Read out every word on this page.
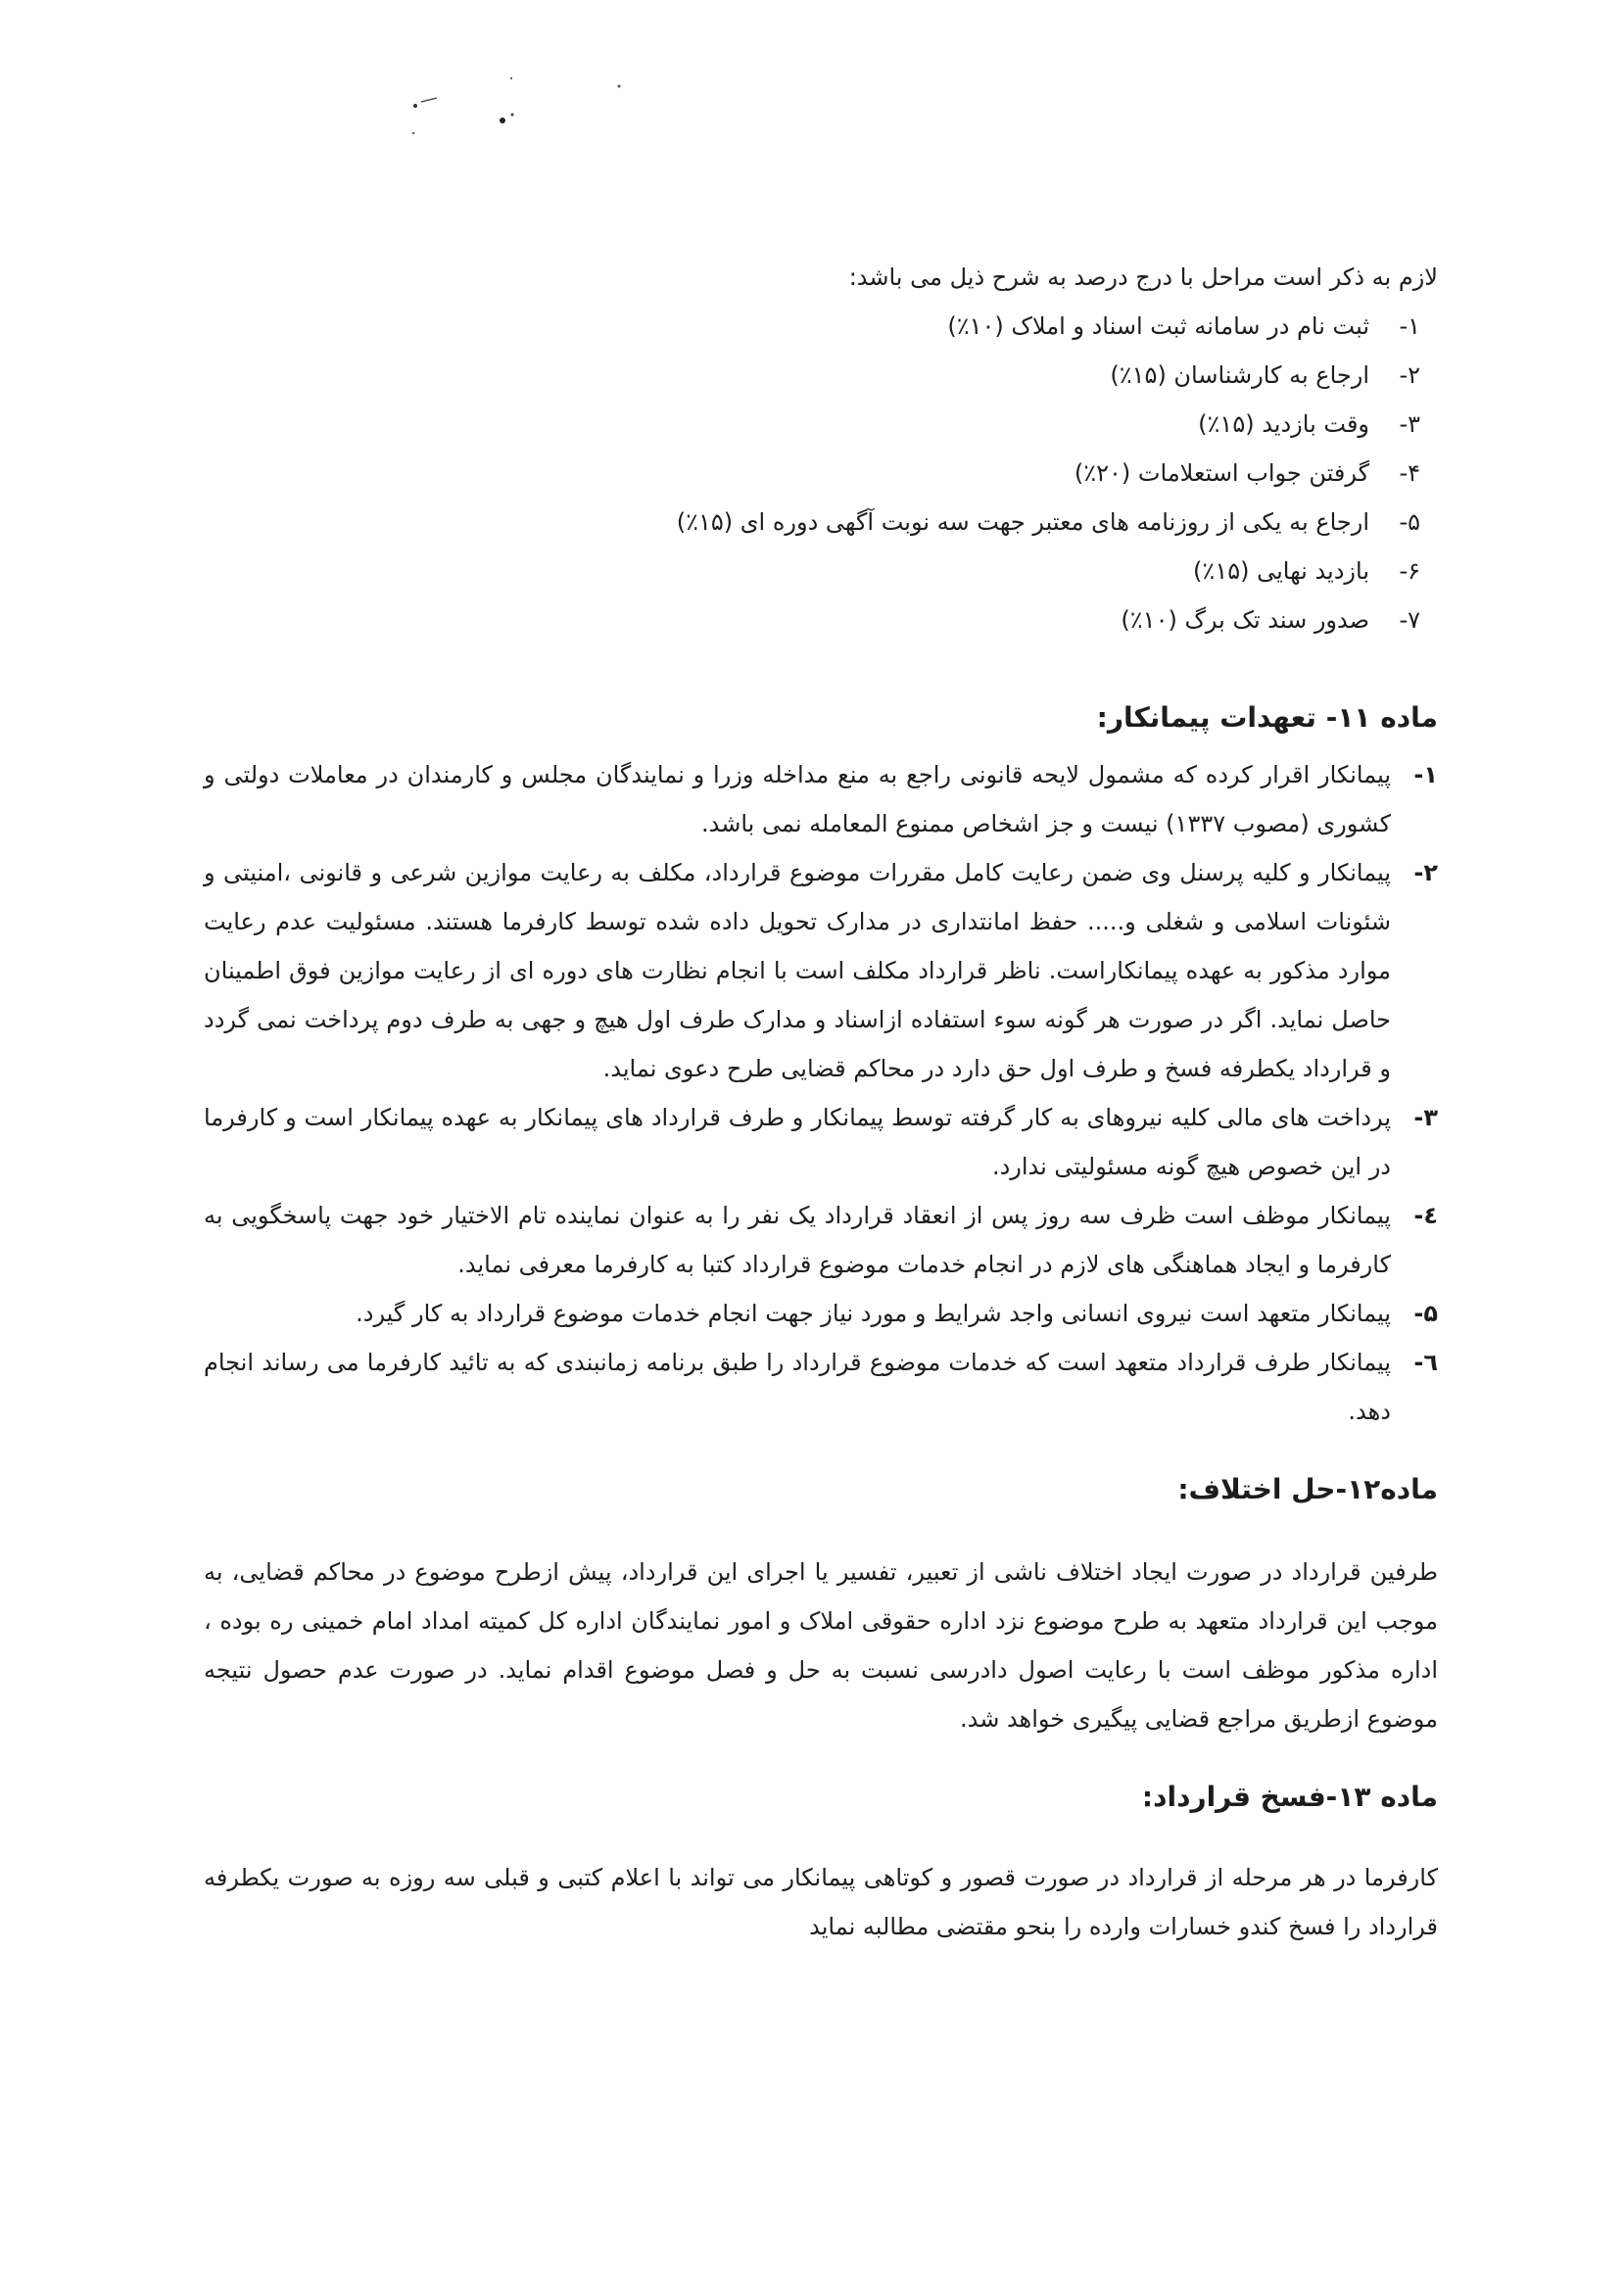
لازم به ذکر است مراحل با درج درصد به شرح ذیل می باشد:

۱-
ثبت نام در سامانه ثبت اسناد و املاک (۱۰٪)
۲-
ارجاع به کارشناسان (۱۵٪)
۳-
وقت بازدید (۱۵٪)
۴-
گرفتن جواب استعلامات (۲۰٪)
۵-
ارجاع به یکی از روزنامه های معتبر جهت سه نوبت آگهی دوره ای (۱۵٪)
۶-
بازدید نهایی (۱۵٪)
۷-
صدور سند تک برگ (۱۰٪)
ماده ۱۱- تعهدات پیمانکار:
۱-
پیمانکار اقرار کرده که مشمول لایحه قانونی راجع به منع مداخله وزرا و نمایندگان مجلس و کارمندان در معاملات دولتی و کشوری (مصوب ۱۳۳۷) نیست و جز اشخاص ممنوع المعامله نمی باشد.
۲-
پیمانکار و کلیه پرسنل وی ضمن رعایت کامل مقررات موضوع قرارداد، مکلف به رعایت موازین شرعی و قانونی ،امنیتی و شئونات اسلامی و شغلی و..... حفظ امانتداری در مدارک تحویل داده شده توسط کارفرما هستند. مسئولیت عدم رعایت موارد مذکور به عهده پیمانکاراست. ناظر قرارداد مکلف است با انجام نظارت های دوره ای از رعایت موازین فوق اطمینان حاصل نماید. اگر در صورت هر گونه سوء استفاده ازاسناد و مدارک طرف اول هیچ و جهی به طرف دوم پرداخت نمی گردد و قرارداد یکطرفه فسخ و طرف اول حق دارد در محاکم قضایی طرح دعوی نماید.
۳-
پرداخت های مالی کلیه نیروهای به کار گرفته توسط پیمانکار و طرف قرارداد های پیمانکار به عهده پیمانکار است و کارفرما در این خصوص هیچ گونه مسئولیتی ندارد.
٤-
پیمانکار موظف است ظرف سه روز پس از انعقاد قرارداد یک نفر را به عنوان نماینده تام الاختیار خود جهت پاسخگویی به کارفرما و ایجاد هماهنگی های لازم در انجام خدمات موضوع قرارداد کتبا به کارفرما معرفی نماید.
۵-
پیمانکار متعهد است نیروی انسانی واجد شرایط و مورد نیاز جهت انجام خدمات موضوع قرارداد به کار گیرد.
٦-
پیمانکار طرف قرارداد متعهد است که خدمات موضوع قرارداد را طبق برنامه زمانبندی که به تائید کارفرما می رساند انجام دهد.
ماده۱۲-حل اختلاف:

طرفین قرارداد در صورت ایجاد اختلاف ناشی از تعبیر، تفسیر یا اجرای این قرارداد، پیش ازطرح موضوع در محاکم قضایی، به موجب این قرارداد متعهد به طرح موضوع نزد اداره حقوقی املاک و امور نمایندگان اداره کل کمیته امداد امام خمینی ره بوده ، اداره مذکور موظف است با رعایت اصول دادرسی نسبت به حل و فصل موضوع اقدام نماید. در صورت عدم حصول نتیجه موضوع ازطریق مراجع قضایی پیگیری خواهد شد.

ماده ۱۳-فسخ قرارداد:

کارفرما در هر مرحله از قرارداد در صورت قصور و کوتاهی پیمانکار می تواند با اعلام کتبی و قبلی سه روزه به صورت یکطرفه قرارداد را فسخ کندو خسارات وارده را بنحو مقتضی مطالبه نماید
